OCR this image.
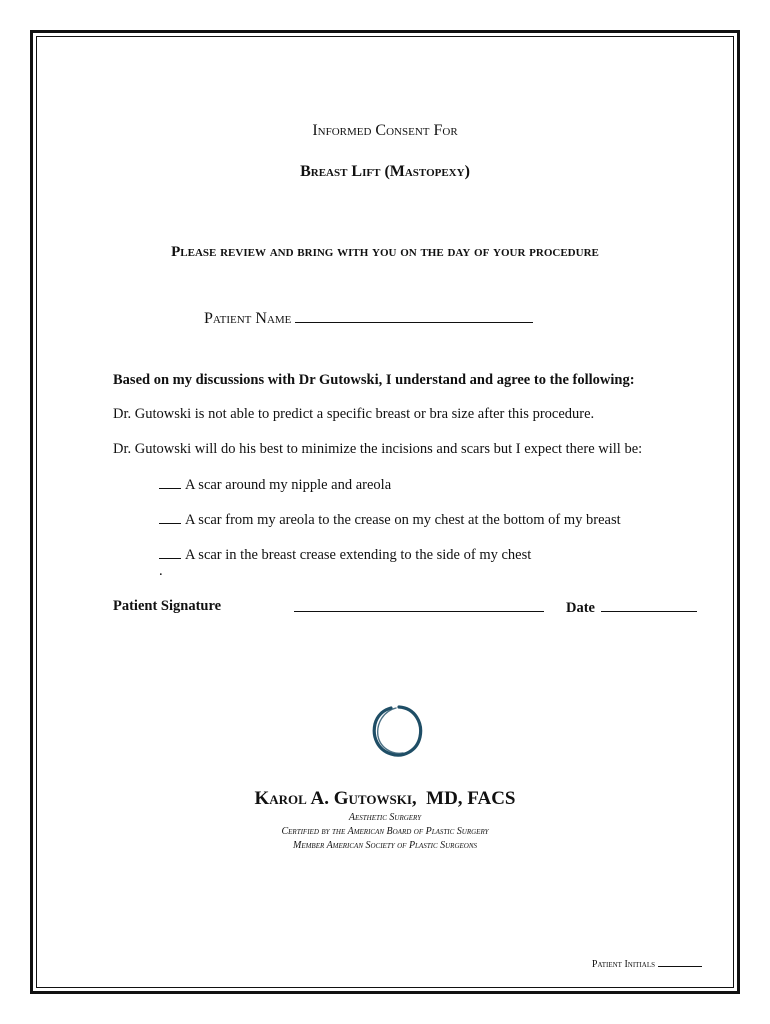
Informed Consent For
Breast Lift (Mastopexy)
Please review and bring with you on the day of your procedure
Patient Name
Based on my discussions with Dr Gutowski, I understand and agree to the following:
Dr. Gutowski is not able to predict a specific breast or bra size after this procedure.
Dr. Gutowski will do his best to minimize the incisions and scars but I expect there will be:
A scar around my nipple and areola
A scar from my areola to the crease on my chest at the bottom of my breast
A scar in the breast crease extending to the side of my chest
.
Patient Signature	Date
Karol A. Gutowski, MD, FACS
Aesthetic Surgery
Certified by the American Board of Plastic Surgery
Member American Society of Plastic Surgeons
Patient Initials
